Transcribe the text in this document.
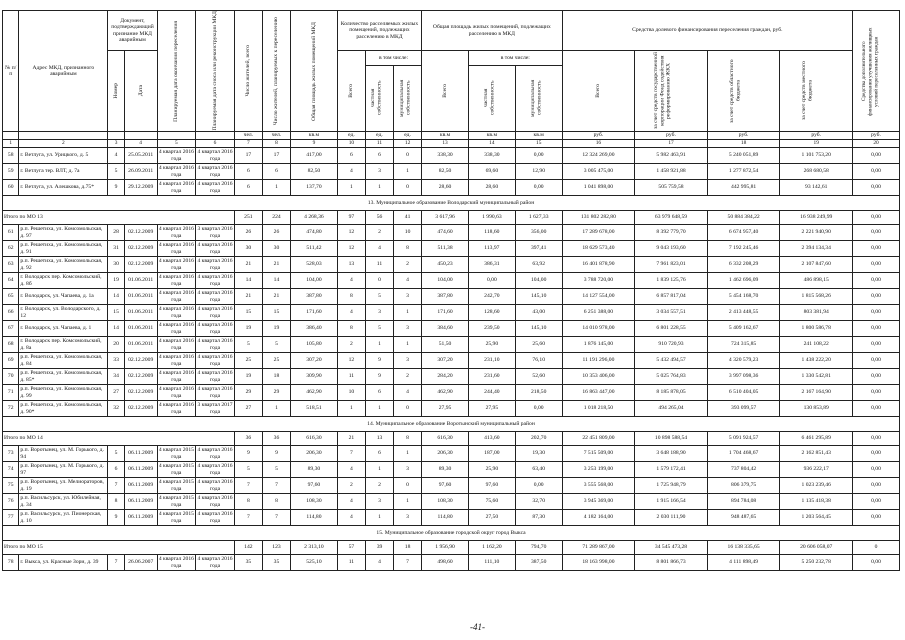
№ п/п	Адрес МКД, признанного аварийным	Документ, подтверждающий признание МКД аварийным		Планируемая дата окончания переселения	Планируемая дата сноса или реконструкции МКД	Число жителей, всего	Число жителей, планируемых к переселению	Общая площадь жилых помещений МКД	Количество расселяемых жилых помещений, подлежащих расселению в МКД			Общая площадь жилых помещений, подлежащих расселению в МКД			Средства долевого финансирования переселения граждан, руб.				Средства дополнительного финансирования улучшения жилищных условий переселенных граждан

		Номер	Дата						Всего	в том числе:		Всего	в том числе:		Всего	за счет средств государственной корпорации Фонд содействия реформированию ЖКХ	за счет средств областного бюджета	за счет средств местного бюджета	

										частная собственность	муниципальная собственность		частная собственность	муниципальная собственность					

						чел.	чел.	кв.м	ед.	ед.	ед.	кв.м	кв.м	кв.м	руб.	руб.	руб.	руб.	руб.
1	2	3	4	5	6	7	8	9	10	11	12	13	14	15	16	17	18	19	20
58	г. Ветлуга, ул. Урицкого, д. 5	4	25.05.2011	4 квартал 2016 года	4 квартал 2016 года	17	17	417,00	6	6	0	338,30	338,30	0,00	12 324 269,00	5 982 463,91	5 240 051,89	1 101 753,20	0,00
59	г. Ветлуга тер. ВЛТ, д. 7а	5	26.09.2011	4 квартал 2016 года	4 квартал 2016 года	6	6	82,50	4	3	1	82,50	69,60	12,90	3 005 475,00	1 458 921,88	1 277 872,54	268 680,58	0,00
60	г. Ветлуга, ул. Алешкова, д.75*	9	29.12.2009	4 квартал 2016 года	4 квартал 2016 года	6	1	137,70	1	1	0	28,60	28,60	0,00	1 041 898,00	505 759,58	442 995,81	93 142,61	0,00
13. Муниципальное образование Володарский муниципальный район																			
Итого по МО 13						251	224	4 268,36	97	56	41	3 617,96	1 990,63	1 627,33	131 802 282,80	63 979 648,59	50 884 384,22	16 938 249,99	0,00
61	р.п. Решетиха, ул. Комсомольская, д. 97	28	02.12.2009	4 квартал 2016 года	3 квартал 2016 года	26	26	474,80	12	2	10	474,60	118,60	356,00	17 289 678,00	8 392 779,70	6 674 957,40	2 221 940,90	0,00
62	р.п. Решетиха, ул. Комсомольская, д. 91	31	02.12.2009	4 квартал 2016 года	4 квартал 2016 года	30	30	511,42	12	4	8	511,38	113,97	397,41	18 629 573,40	9 043 193,60	7 192 245,46	2 394 134,34	0,00
63	р.п. Решетиха, ул. Комсомольская, д. 92	30	02.12.2009	4 квартал 2016 года	4 квартал 2016 года	21	21	528,03	13	11	2	450,23	386,31	63,92	16 401 878,90	7 961 823,01	6 332 208,29	2 107 847,60	0,00
64	г. Володарск пер. Комсомольский, д. 8б	19	01.06.2011	4 квартал 2016 года	4 квартал 2016 года	14	14	104,00	4	0	4	104,00	0,00	104,00	3 788 720,00	1 839 125,76	1 462 696,09	486 898,15	0,00
65	г. Володарск, ул. Чапаева, д. 1а	14	01.06.2011	4 квартал 2016 года	4 квартал 2016 года	21	21	387,80	8	5	3	387,80	242,70	145,10	14 127 554,00	6 857 817,04	5 454 168,70	1 815 568,26	0,00
66	г. Володарск, ул. Володарского, д. 12	15	01.06.2011	4 квартал 2016 года	4 квартал 2016 года	15	15	171,60	4	3	1	171,60	128,60	43,00	6 251 388,00	3 034 557,51	2 413 448,55	803 381,94	0,00
67	г. Володарск, ул. Чапаева, д. 1	14	01.06.2011	4 квартал 2016 года	4 квартал 2016 года	19	19	386,40	8	5	3	384,60	239,50	145,10	14 010 978,00	6 801 228,55	5 409 162,67	1 800 586,78	0,00
68	г. Володарск пер. Комсомольский, д. 8а	20	01.06.2011	4 квартал 2016 года	4 квартал 2016 года	5	5	105,80	2	1	1	51,50	25,90	25,60	1 876 145,00	910 720,93	724 315,85	241 108,22	0,00
69	р.п. Решетиха, ул. Комсомольская, д. 84	33	02.12.2009	4 квартал 2016 года	4 квартал 2016 года	25	25	307,20	12	9	3	307,20	231,10	76,10	11 191 296,00	5 432 494,57	4 320 579,23	1 438 222,20	0,00
70	р.п. Решетиха, ул. Комсомольская, д. 85*	34	02.12.2009	4 квартал 2016 года	4 квартал 2016 года	19	18	309,90	11	9	2	284,20	231,60	52,60	10 353 406,00	5 025 764,83	3 997 098,36	1 330 542,81	0,00
71	р.п. Решетиха, ул. Комсомольская, д. 99	27	02.12.2009	4 квартал 2016 года	4 квартал 2016 года	29	29	462,90	10	6	4	462,90	244,40	218,50	16 863 447,00	8 185 878,05	6 510 404,05	2 167 164,90	0,00
72	р.п. Решетиха, ул. Комсомольская, д. 90*	32	02.12.2009	4 квартал 2016 года	3 квартал 2017 года	27	1	518,51	1	1	0	27,95	27,95	0,00	1 018 218,50	494 265,04	393 099,57	130 853,89	0,00
14. Муниципальное образование Воротынский муниципальный район																			
Итого по МО 14						36	36	616,30	21	13	8	616,30	413,60	202,70	22 451 809,00	10 898 588,54	5 091 924,57	6 461 295,89	0,00
73	р.п. Воротынец, ул. М. Горького, д. 94	5	06.11.2009	4 квартал 2015 года	4 квартал 2016 года	9	9	206,30	7	6	1	206,30	187,00	19,30	7 515 509,00	3 648 188,90	1 704 468,67	2 162 851,43	0,00
74	р.п. Воротынец, ул. М. Горького, д. 97	6	06.11.2009	4 квартал 2015 года	4 квартал 2016 года	5	5	89,30	4	1	3	89,30	25,90	63,40	3 253 199,00	1 579 172,41	737 804,42	936 222,17	0,00
75	р.п. Воротынец, ул. Мелиораторов, д. 19	7	06.11.2009	4 квартал 2015 года	4 квартал 2016 года	7	7	97,60	2	2	0	97,60	97,60	0,00	3 555 568,00	1 725 948,79	806 379,75	1 023 239,46	0,00
76	р.п. Васильсурск, ул. Юбилейная, д. 34	8	06.11.2009	4 квартал 2015 года	4 квартал 2016 года	8	8	108,30	4	3	1	108,30	75,60	32,70	3 945 369,00	1 915 166,54	894 784,08	1 135 418,38	0,00
77	р.п. Васильсурск, ул. Пионерская, д. 10	9	06.11.2009	4 квартал 2015 года	4 квартал 2016 года	7	7	114,80	4	1	3	114,80	27,50	87,30	4 182 164,00	2 030 111,90	948 487,65	1 203 564,45	0,00
15. Муниципальное образование городской округ город Выкса																			
Итого по МО 15						142	123	2 313,10	57	39	18	1 956,90	1 162,20	794,70	71 289 867,00	34 545 473,28	16 138 335,65	20 606 058,07	0
78	г. Выкса, ул. Красные Зори, д. 39	7	26.06.2007	4 квартал 2016 года	4 квартал 2016 года	35	35	525,10	11	4	7	498,60	111,10	387,50	18 163 998,00	8 801 866,73	4 111 898,49	5 250 232,78	0,00
-41-
